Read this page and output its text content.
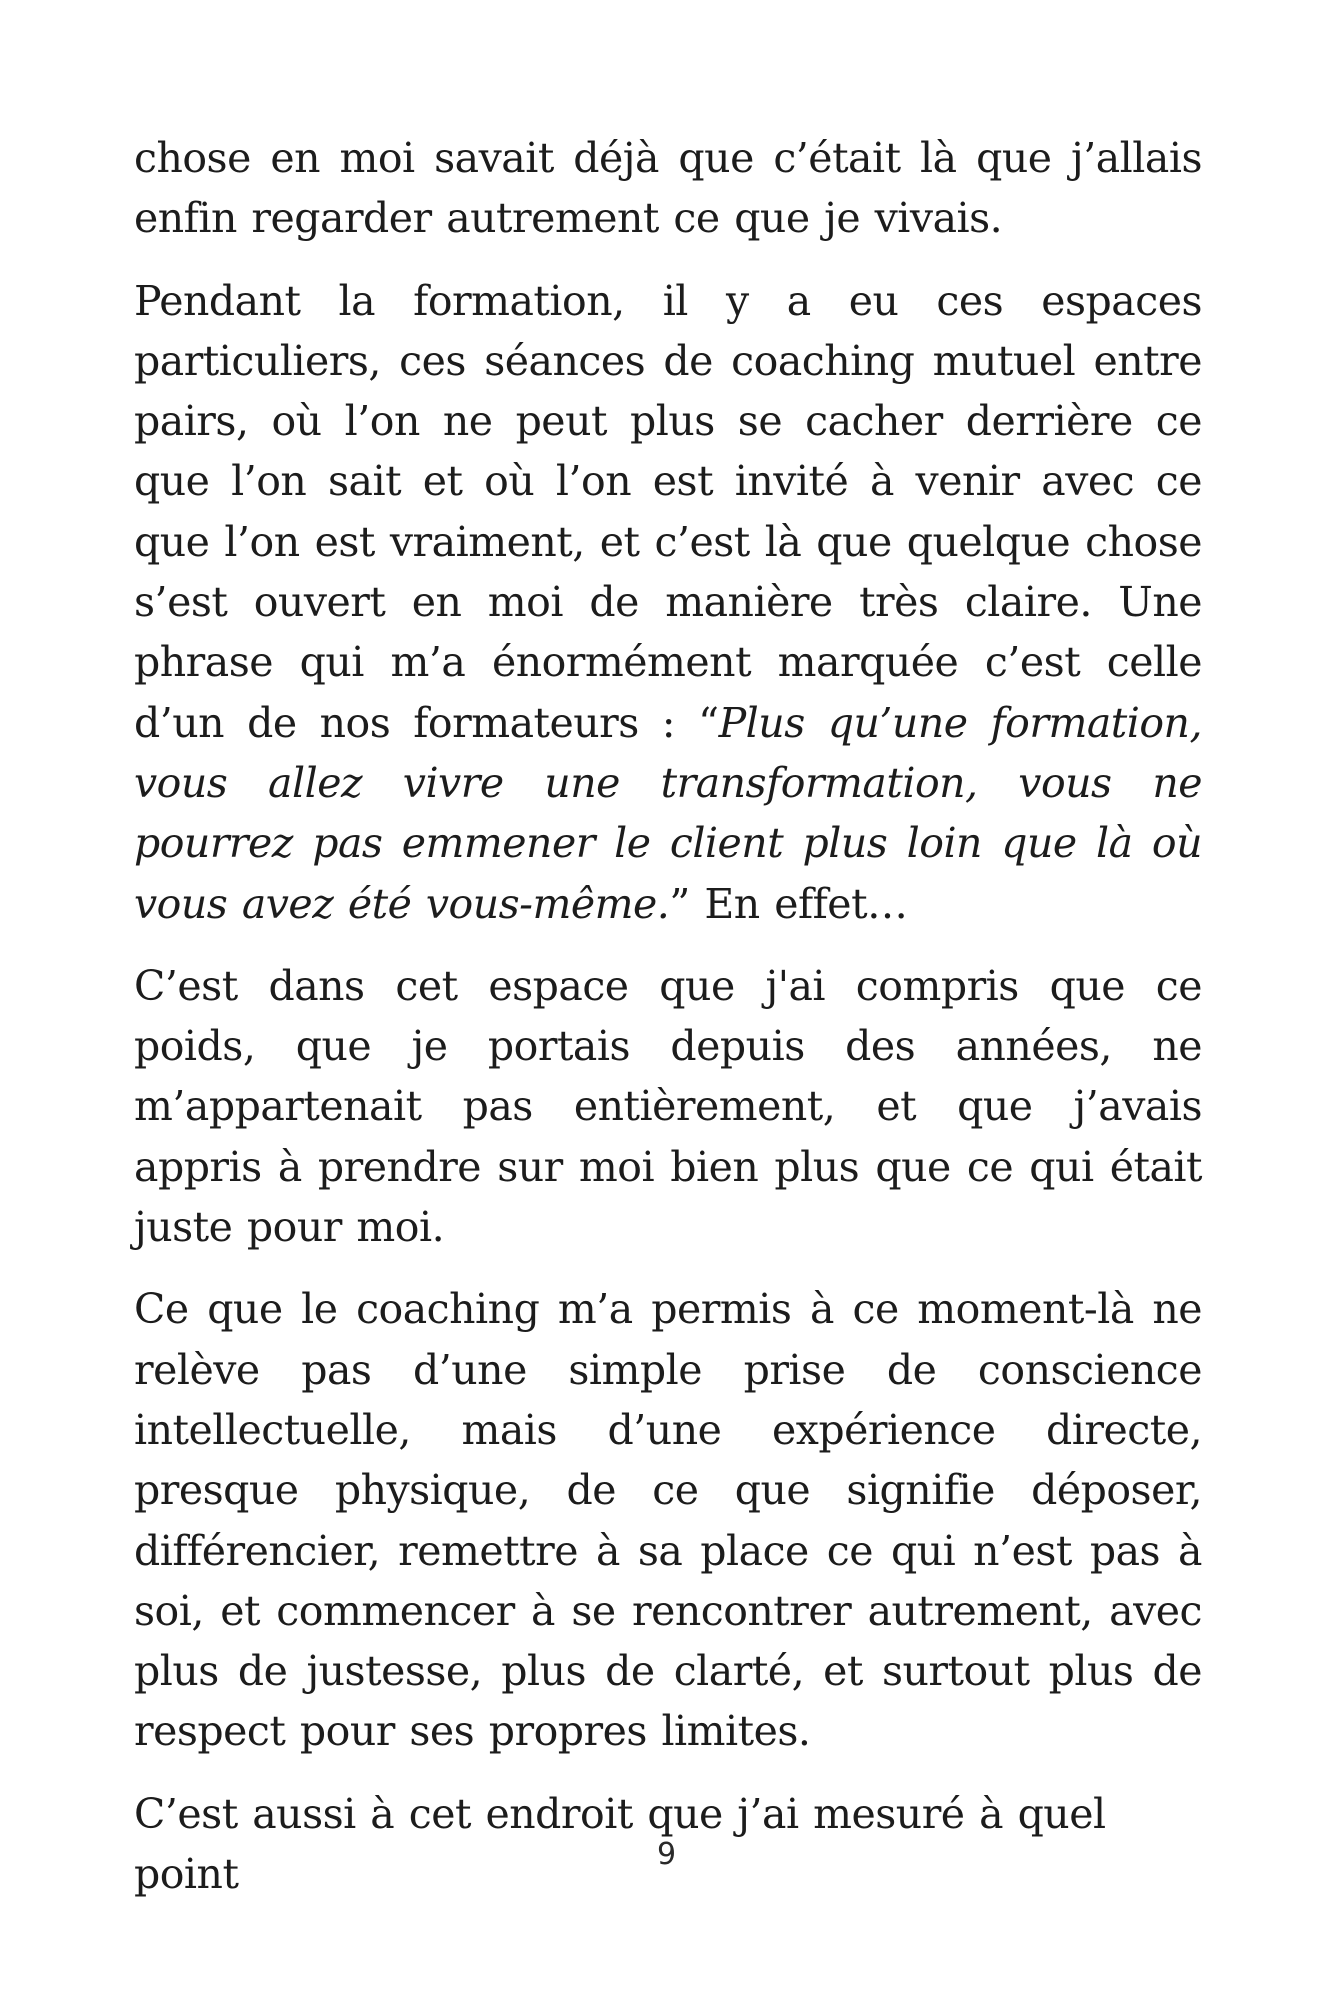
chose en moi savait déjà que c’était là que j’allais enfin regarder autrement ce que je vivais.

Pendant la formation, il y a eu ces espaces particuliers, ces séances de coaching mutuel entre pairs, où l’on ne peut plus se cacher derrière ce que l’on sait et où l’on est invité à venir avec ce que l’on est vraiment, et c’est là que quelque chose s’est ouvert en moi de manière très claire. Une phrase qui m’a énormément marquée c’est celle d’un de nos formateurs : “Plus qu’une formation, vous allez vivre une transformation, vous ne pourrez pas emmener le client plus loin que là où vous avez été vous-même.” En effet…

C’est dans cet espace que j'ai compris que ce poids, que je portais depuis des années, ne m’appartenait pas entièrement, et que j’avais appris à prendre sur moi bien plus que ce qui était juste pour moi.

Ce que le coaching m’a permis à ce moment-là ne relève pas d’une simple prise de conscience intellectuelle, mais d’une expérience directe, presque physique, de ce que signifie déposer, différencier, remettre à sa place ce qui n’est pas à soi, et commencer à se rencontrer autrement, avec plus de justesse, plus de clarté, et surtout plus de respect pour ses propres limites.

C’est aussi à cet endroit que j’ai mesuré à quel point	9
